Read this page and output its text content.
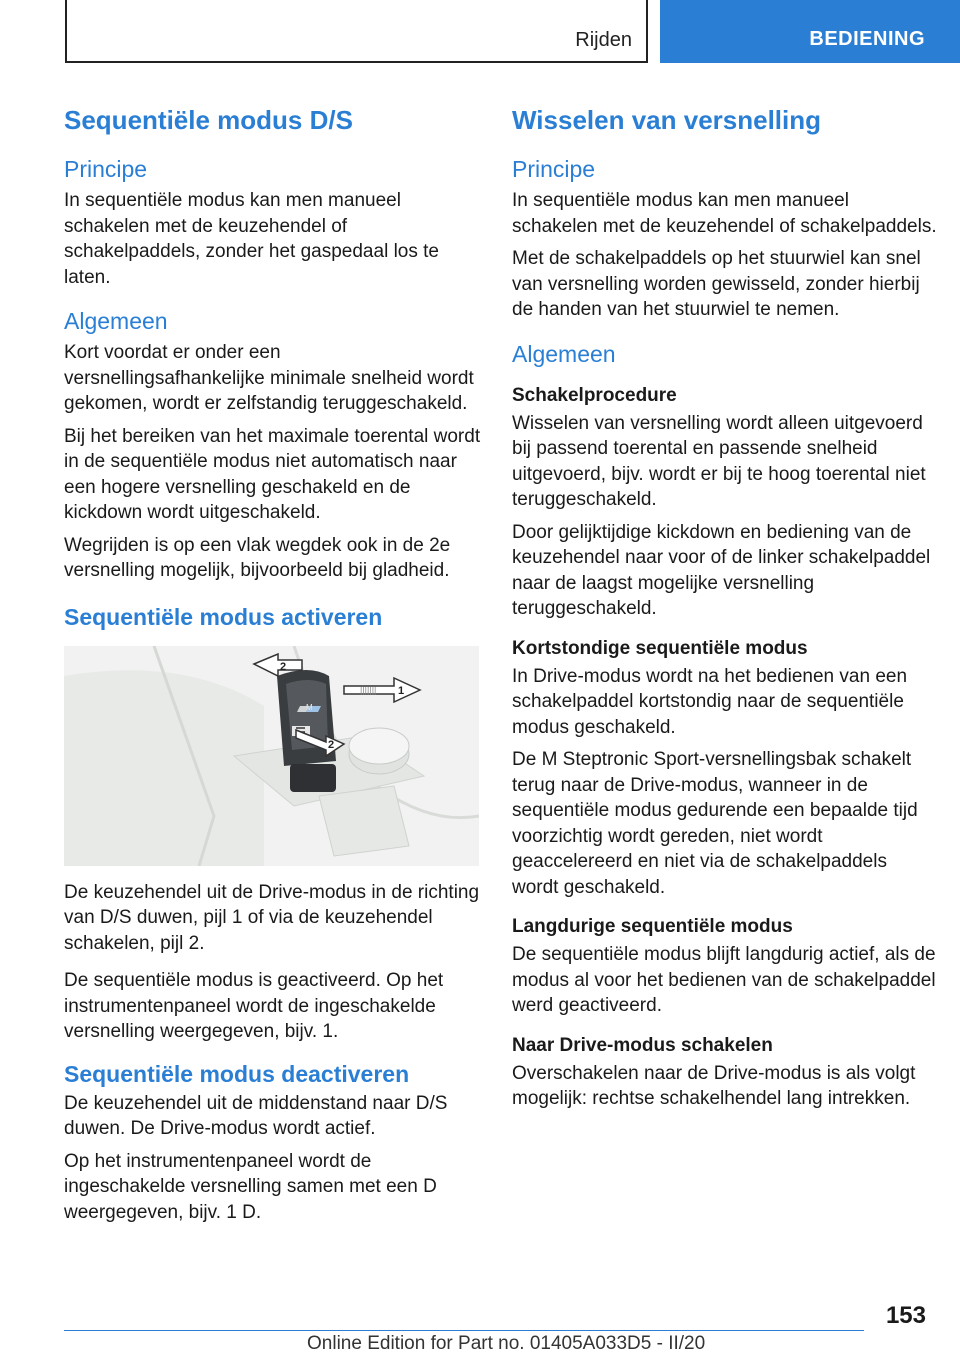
Rijden	BEDIENING
Sequentiële modus D/S
Principe

In sequentiële modus kan men manueel schakelen met de keuzehendel of schakelpaddels, zonder het gaspedaal los te laten.

Algemeen

Kort voordat er onder een versnellingsafhankelijke minimale snelheid wordt gekomen, wordt er zelfstandig teruggeschakeld.

Bij het bereiken van het maximale toerental wordt in de sequentiële modus niet automatisch naar een hogere versnelling geschakeld en de kickdown wordt uitgeschakeld.

Wegrijden is op een vlak wegdek ook in de 2e versnelling mogelijk, bijvoorbeeld bij gladheid.

Sequentiële modus activeren
M
2
||||||| 1
2

De keuzehendel uit de Drive-modus in de richting van D/S duwen, pijl 1 of via de keuzehendel schakelen, pijl 2.

De sequentiële modus is geactiveerd. Op het instrumentenpaneel wordt de ingeschakelde versnelling weergegeven, bijv. 1.

Sequentiële modus deactiveren

De keuzehendel uit de middenstand naar D/S duwen. De Drive-modus wordt actief.

Op het instrumentenpaneel wordt de ingeschakelde versnelling samen met een D weergegeven, bijv. 1 D.

Wisselen van versnelling
Principe

In sequentiële modus kan men manueel schakelen met de keuzehendel of schakelpaddels.

Met de schakelpaddels op het stuurwiel kan snel van versnelling worden gewisseld, zonder hierbij de handen van het stuurwiel te nemen.

Algemeen
Schakelprocedure

Wisselen van versnelling wordt alleen uitgevoerd bij passend toerental en passende snelheid uitgevoerd, bijv. wordt er bij te hoog toerental niet teruggeschakeld.

Door gelijktijdige kickdown en bediening van de keuzehendel naar voor of de linker schakelpaddel naar de laagst mogelijke versnelling teruggeschakeld.

Kortstondige sequentiële modus

In Drive-modus wordt na het bedienen van een schakelpaddel kortstondig naar de sequentiële modus geschakeld.

De M Steptronic Sport-versnellingsbak schakelt terug naar de Drive-modus, wanneer in de sequentiële modus gedurende een bepaalde tijd voorzichtig wordt gereden, niet wordt geaccelereerd en niet via de schakelpaddels wordt geschakeld.

Langdurige sequentiële modus

De sequentiële modus blijft langdurig actief, als de modus al voor het bedienen van de schakelpaddel werd geactiveerd.

Naar Drive-modus schakelen

Overschakelen naar de Drive-modus is als volgt mogelijk: rechtse schakelhendel lang intrekken.

153
Online Edition for Part no. 01405A033D5 - II/20
